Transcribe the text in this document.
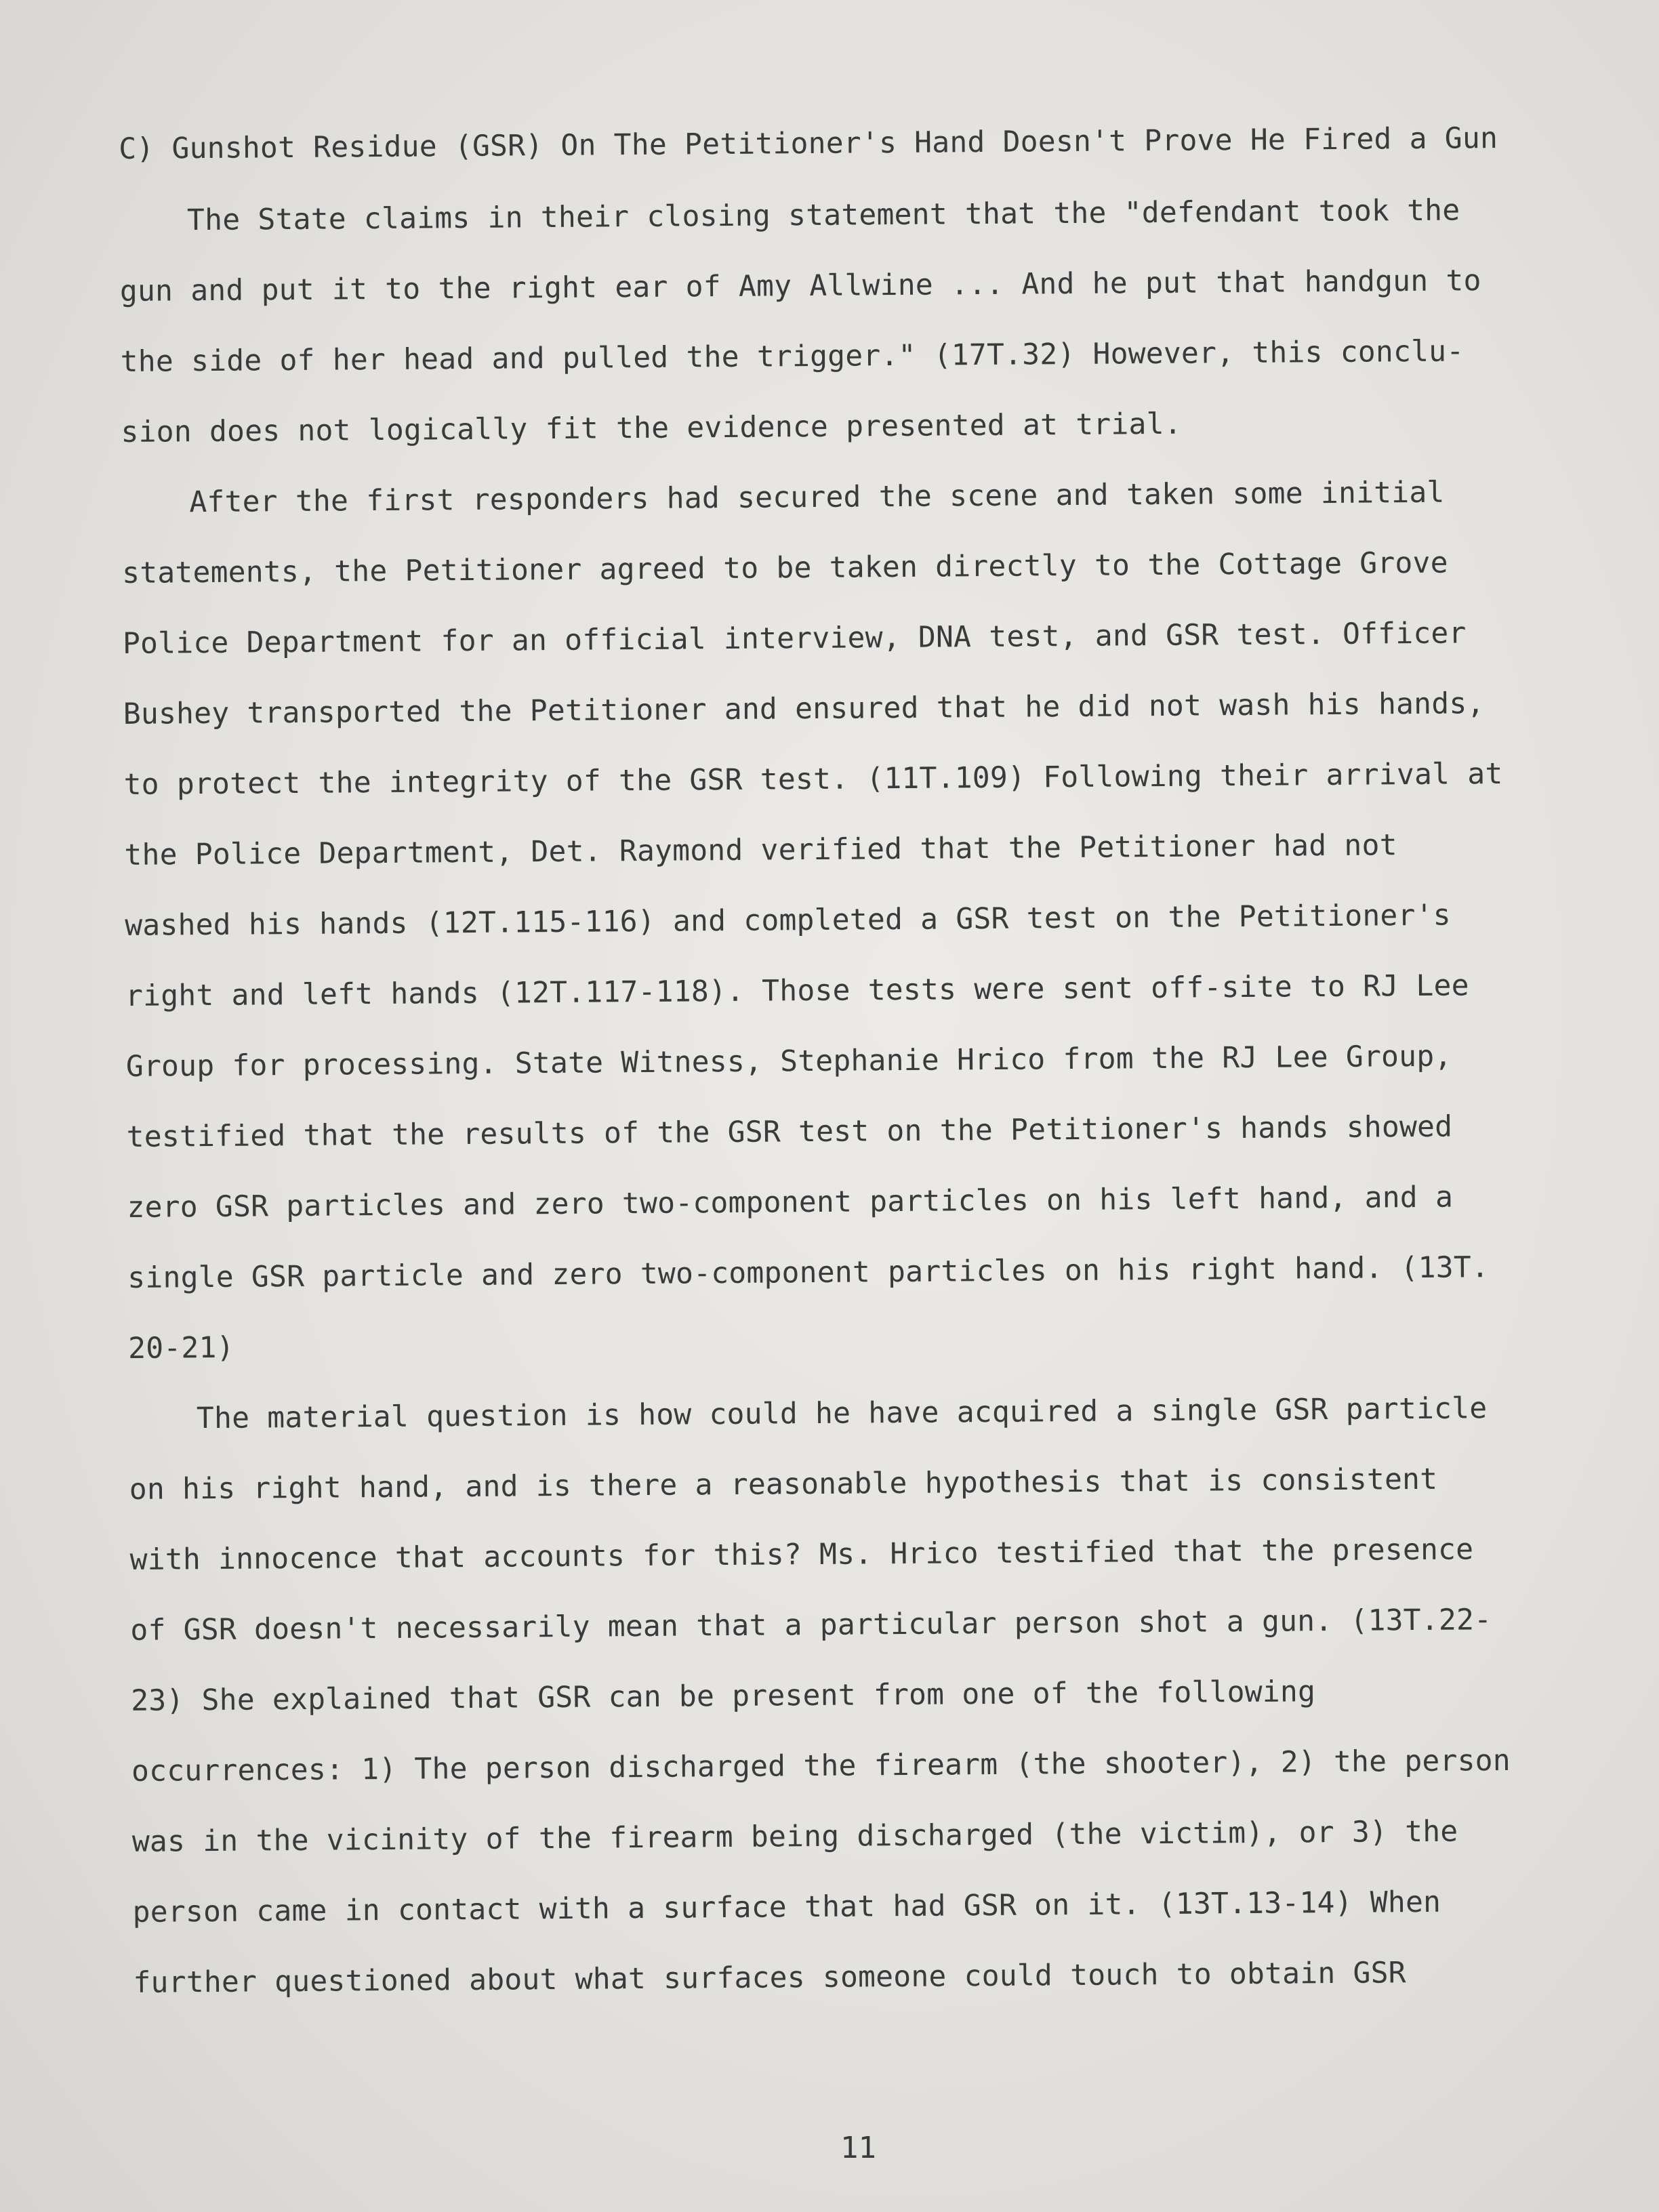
C) Gunshot Residue (GSR) On The Petitioner's Hand Doesn't Prove He Fired a Gun

The State claims in their closing statement that the "defendant took the
gun and put it to the right ear of Amy Allwine ... And he put that handgun to
the side of her head and pulled the trigger." (17T.32) However, this conclu-
sion does not logically fit the evidence presented at trial.

After the first responders had secured the scene and taken some initial
statements, the Petitioner agreed to be taken directly to the Cottage Grove
Police Department for an official interview, DNA test, and GSR test. Officer
Bushey transported the Petitioner and ensured that he did not wash his hands,
to protect the integrity of the GSR test. (11T.109) Following their arrival at
the Police Department, Det. Raymond verified that the Petitioner had not
washed his hands (12T.115-116) and completed a GSR test on the Petitioner's
right and left hands (12T.117-118). Those tests were sent off-site to RJ Lee
Group for processing. State Witness, Stephanie Hrico from the RJ Lee Group,
testified that the results of the GSR test on the Petitioner's hands showed
zero GSR particles and zero two-component particles on his left hand, and a
single GSR particle and zero two-component particles on his right hand. (13T.
20-21)

The material question is how could he have acquired a single GSR particle
on his right hand, and is there a reasonable hypothesis that is consistent
with innocence that accounts for this? Ms. Hrico testified that the presence
of GSR doesn't necessarily mean that a particular person shot a gun. (13T.22-
23) She explained that GSR can be present from one of the following
occurrences: 1) The person discharged the firearm (the shooter), 2) the person
was in the vicinity of the firearm being discharged (the victim), or 3) the
person came in contact with a surface that had GSR on it. (13T.13-14) When
further questioned about what surfaces someone could touch to obtain GSR

11
